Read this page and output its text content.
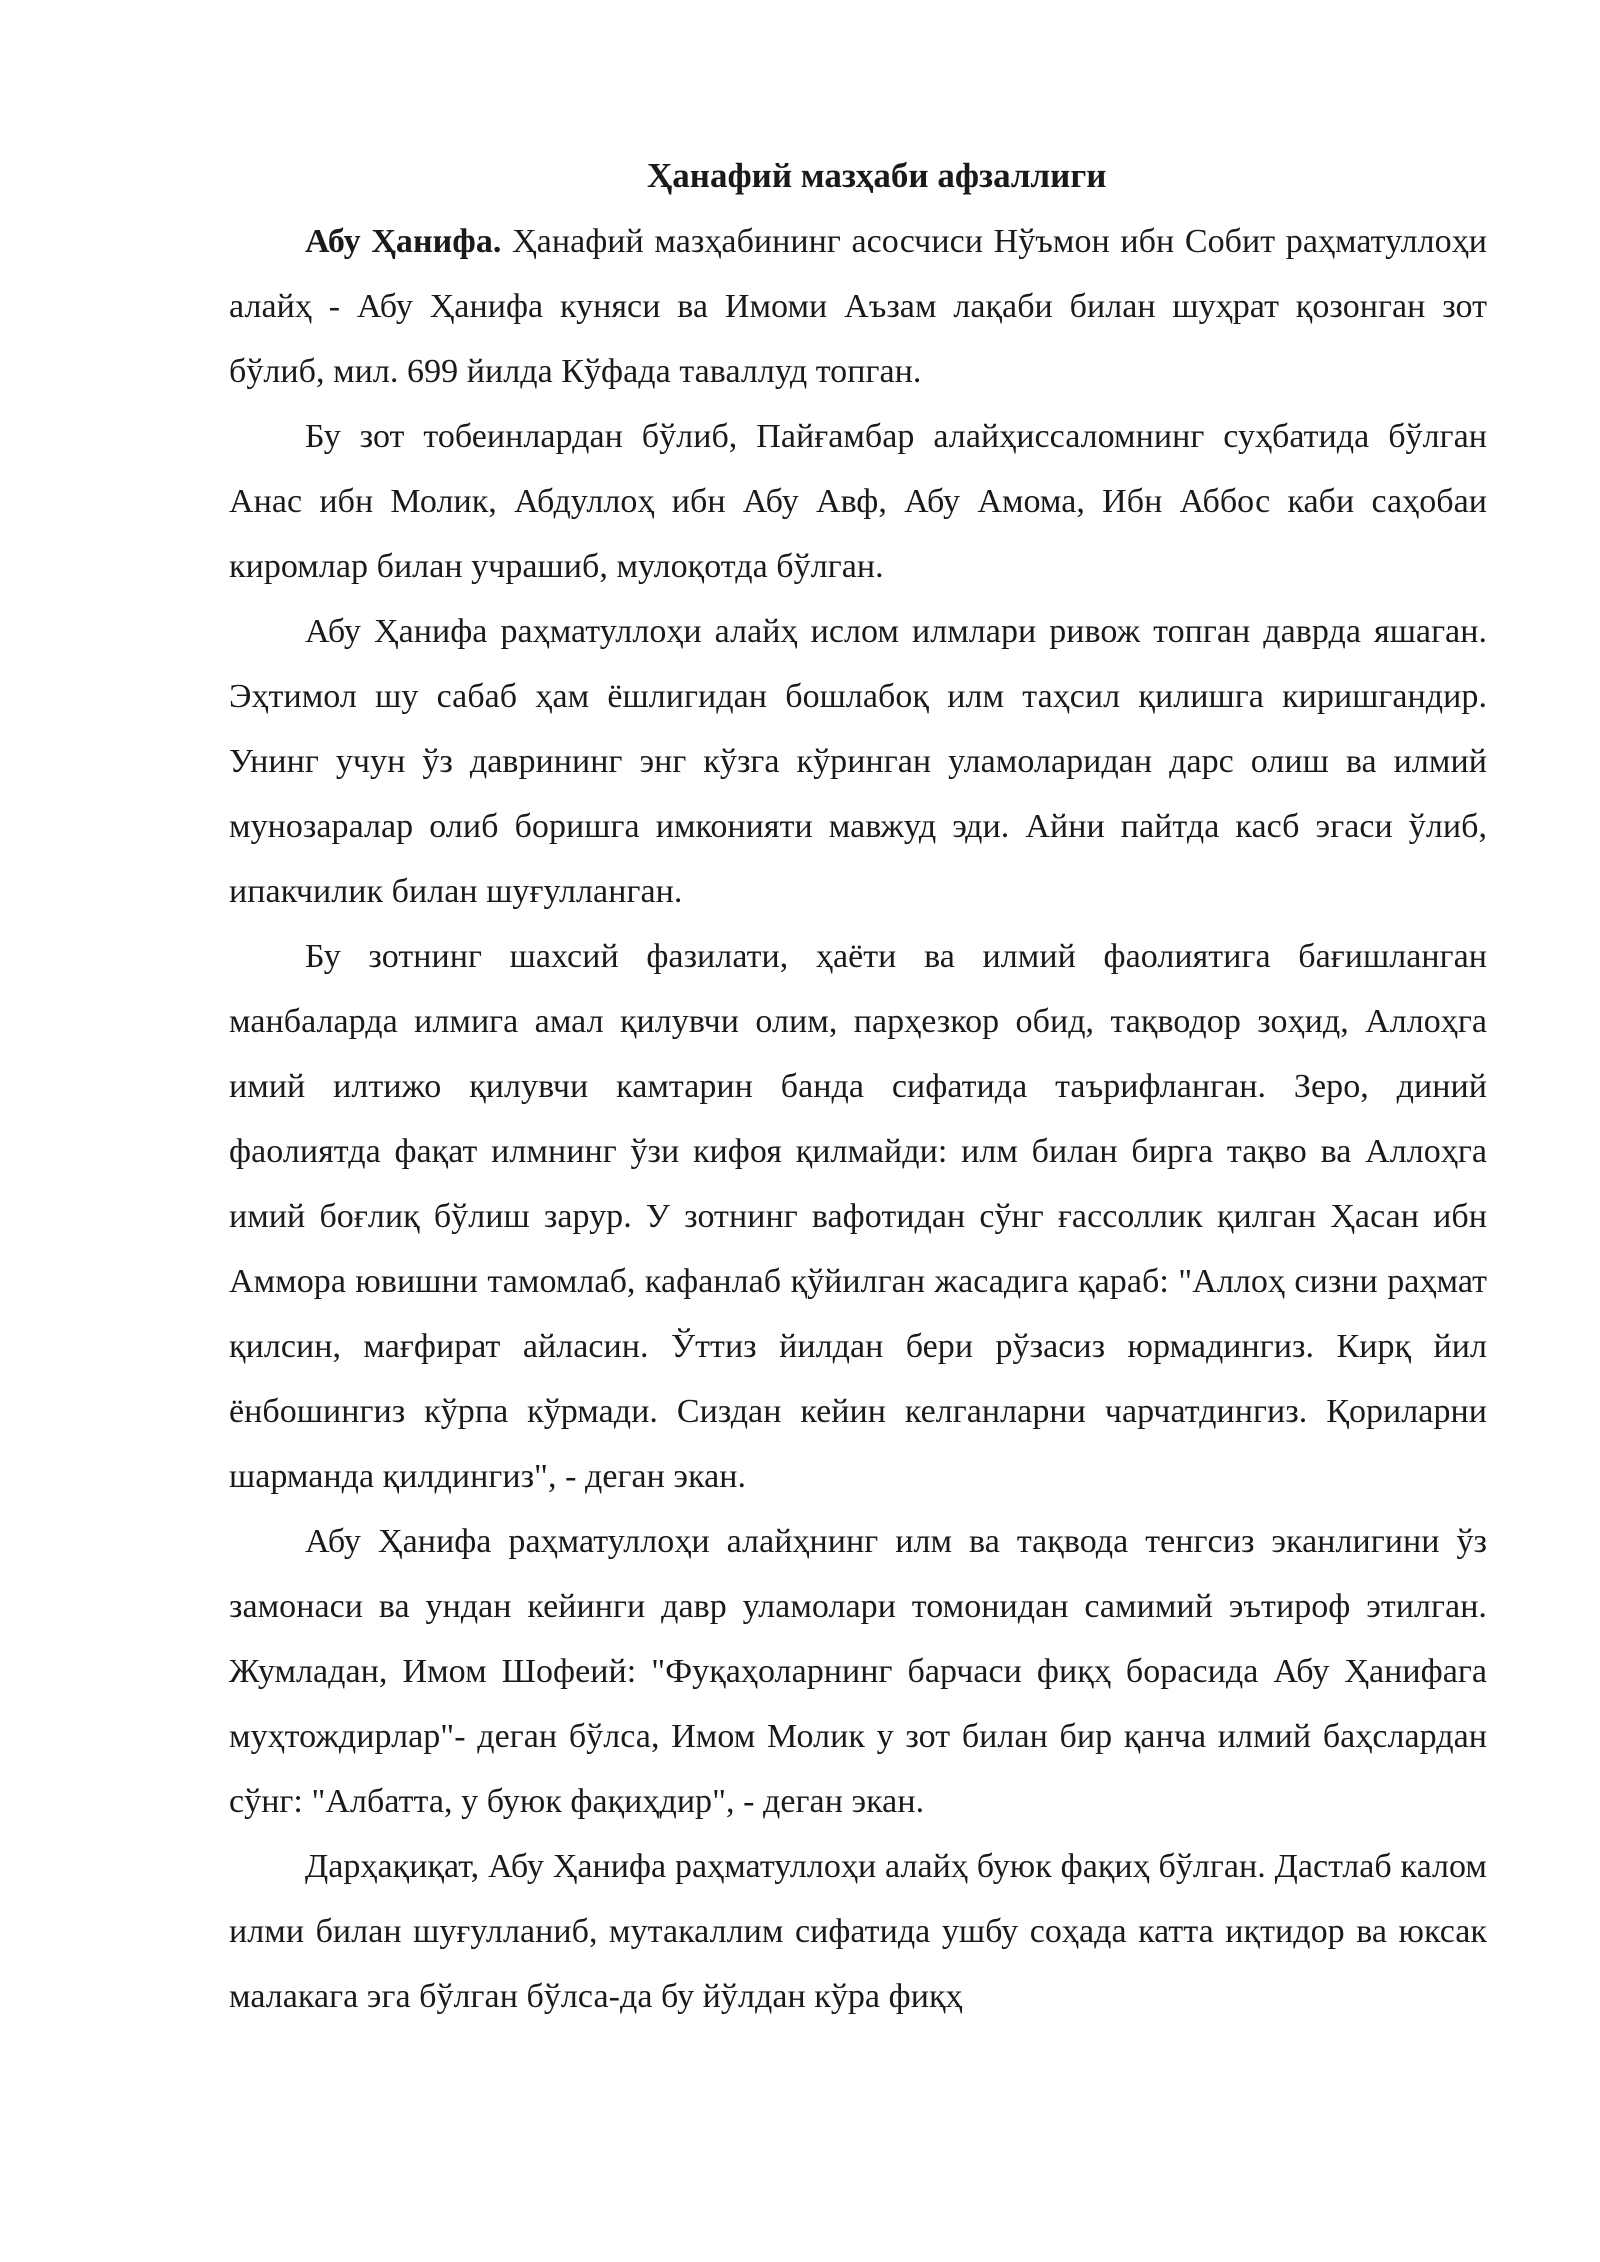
Ҳанафий мазҳаби афзаллиги

Абу Ҳанифа. Ҳанафий мазҳабининг асосчиси Нўъмон ибн Собит раҳматуллоҳи алайҳ - Абу Ҳанифа куняси ва Имоми Аъзам лақаби билан шуҳрат қозонган зот бўлиб, мил. 699 йилда Кўфада таваллуд топган.

Бу зот тобеинлардан бўлиб, Пайғамбар алайҳиссаломнинг суҳбатида бўлган Анас ибн Молик, Абдуллоҳ ибн Абу Авф, Абу Амома, Ибн Аббос каби саҳобаи киромлар билан учрашиб, мулоқотда бўлган.

Абу Ҳанифа раҳматуллоҳи алайҳ ислом илмлари ривож топган даврда яшаган. Эҳтимол шу сабаб ҳам ёшлигидан бошлабоқ илм таҳсил қилишга киришгандир. Унинг учун ўз даврининг энг кўзга кўринган уламоларидан дарс олиш ва илмий мунозаралар олиб боришга имконияти мавжуд эди. Айни пайтда касб эгаси ўлиб, ипакчилик билан шуғулланган.

Бу зотнинг шахсий фазилати, ҳаёти ва илмий фаолиятига бағишланган манбаларда илмига амал қилувчи олим, парҳезкор обид, тақводор зоҳид, Аллоҳга имий илтижо қилувчи камтарин банда сифатида таърифланган. Зеро, диний фаолиятда фақат илмнинг ўзи кифоя қилмайди: илм билан бирга тақво ва Аллоҳга имий боғлиқ бўлиш зарур. У зотнинг вафотидан сўнг ғассоллик қилган Ҳасан ибн Аммора ювишни тамомлаб, кафанлаб қўйилган жасадига қараб: "Аллоҳ сизни раҳмат қилсин, мағфират айласин. Ўттиз йилдан бери рўзасиз юрмадингиз. Кирқ йил ёнбошингиз кўрпа кўрмади. Сиздан кейин келганларни чарчатдингиз. Қориларни шарманда қилдингиз", - деган экан.

Абу Ҳанифа раҳматуллоҳи алайҳнинг илм ва тақвода тенгсиз эканлигини ўз замонаси ва ундан кейинги давр уламолари томонидан самимий эътироф этилган. Жумладан, Имом Шофеий: "Фуқаҳоларнинг барчаси фиқҳ борасида Абу Ҳанифага муҳтождирлар"- деган бўлса, Имом Молик у зот билан бир қанча илмий баҳслардан сўнг: "Албатта, у буюк фақиҳдир", - деган экан.

Дарҳақиқат, Абу Ҳанифа раҳматуллоҳи алайҳ буюк фақиҳ бўлган. Дастлаб калом илми билан шуғулланиб, мутакаллим сифатида ушбу соҳада катта иқтидор ва юксак малакага эга бўлган бўлса-да бу йўлдан кўра фиқҳ
